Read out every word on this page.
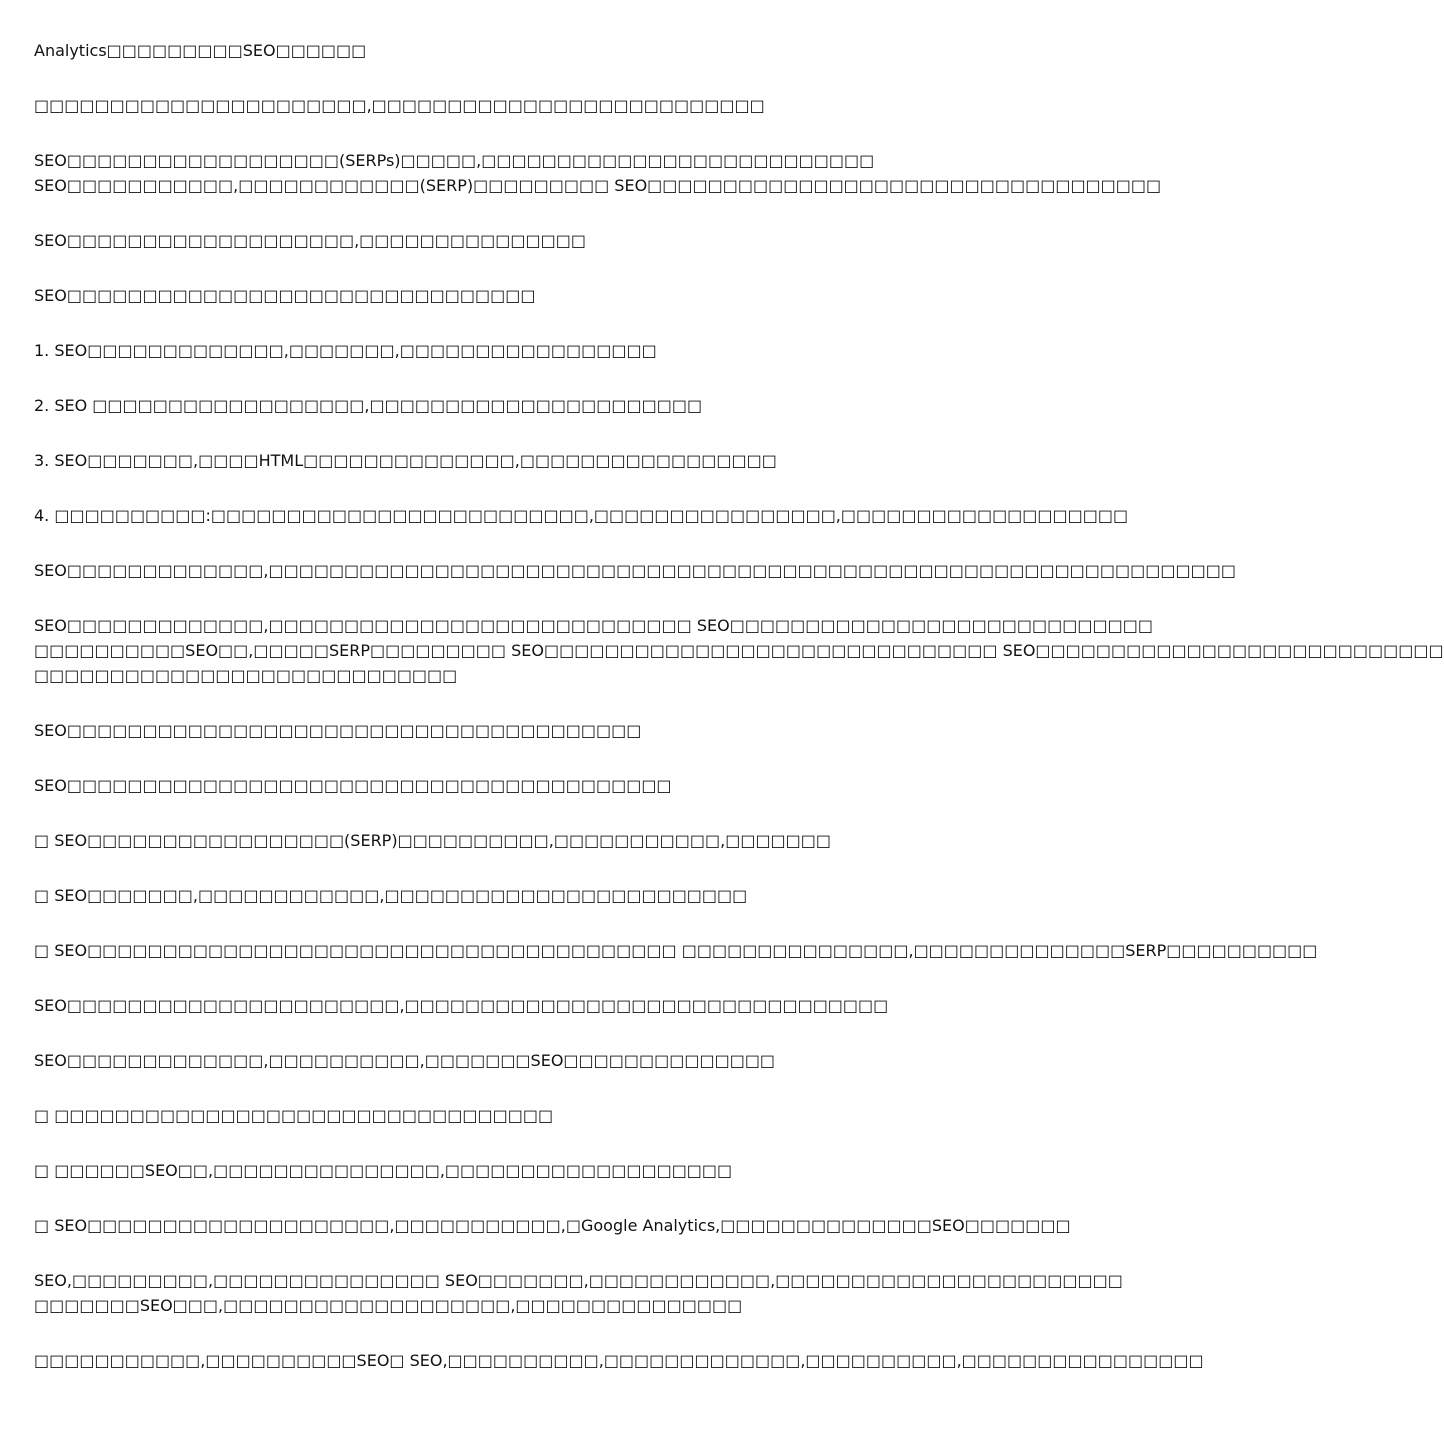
Analytics□□□□□□□□□SEO□□□□□□

□□□□□□□□□□□□□□□□□□□□□□,□□□□□□□□□□□□□□□□□□□□□□□□□□

SEO□□□□□□□□□□□□□□□□□□(SERPs)□□□□□,□□□□□□□□□□□□□□□□□□□□□□□□□□
SEO□□□□□□□□□□□,□□□□□□□□□□□□(SERP)□□□□□□□□□ SEO□□□□□□□□□□□□□□□□□□□□□□□□□□□□□□□□□□

SEO□□□□□□□□□□□□□□□□□□□,□□□□□□□□□□□□□□□

SEO□□□□□□□□□□□□□□□□□□□□□□□□□□□□□□□

1. SEO□□□□□□□□□□□□□,□□□□□□□,□□□□□□□□□□□□□□□□□

2. SEO □□□□□□□□□□□□□□□□□□,□□□□□□□□□□□□□□□□□□□□□□

3. SEO□□□□□□□,□□□□HTML□□□□□□□□□□□□□□,□□□□□□□□□□□□□□□□□

4. □□□□□□□□□□:□□□□□□□□□□□□□□□□□□□□□□□□□,□□□□□□□□□□□□□□□□,□□□□□□□□□□□□□□□□□□□

SEO□□□□□□□□□□□□□,□□□□□□□□□□□□□□□□□□□□□□□□□□□□□□□□□□□□□□□□□□□□□□□□□□□□□□□□□□□□□□□□

SEO□□□□□□□□□□□□□,□□□□□□□□□□□□□□□□□□□□□□□□□□□□ SEO□□□□□□□□□□□□□□□□□□□□□□□□□□□□
□□□□□□□□□□SEO□□,□□□□□SERP□□□□□□□□□ SEO□□□□□□□□□□□□□□□□□□□□□□□□□□□□□□ SEO□□□□□□□□□□□□□□□□□□□□□□□□□□□
□□□□□□□□□□□□□□□□□□□□□□□□□□□□

SEO□□□□□□□□□□□□□□□□□□□□□□□□□□□□□□□□□□□□□□

SEO□□□□□□□□□□□□□□□□□□□□□□□□□□□□□□□□□□□□□□□□

□ SEO□□□□□□□□□□□□□□□□□(SERP)□□□□□□□□□□,□□□□□□□□□□□,□□□□□□□

□ SEO□□□□□□□,□□□□□□□□□□□□,□□□□□□□□□□□□□□□□□□□□□□□□

□ SEO□□□□□□□□□□□□□□□□□□□□□□□□□□□□□□□□□□□□□□□ □□□□□□□□□□□□□□□,□□□□□□□□□□□□□□SERP□□□□□□□□□□

SEO□□□□□□□□□□□□□□□□□□□□□□,□□□□□□□□□□□□□□□□□□□□□□□□□□□□□□□□

SEO□□□□□□□□□□□□□,□□□□□□□□□□,□□□□□□□SEO□□□□□□□□□□□□□□

□ □□□□□□□□□□□□□□□□□□□□□□□□□□□□□□□□□

□ □□□□□□SEO□□,□□□□□□□□□□□□□□□,□□□□□□□□□□□□□□□□□□□

□ SEO□□□□□□□□□□□□□□□□□□□□,□□□□□□□□□□□,□Google Analytics,□□□□□□□□□□□□□□SEO□□□□□□□

SEO,□□□□□□□□□,□□□□□□□□□□□□□□□ SEO□□□□□□□,□□□□□□□□□□□□,□□□□□□□□□□□□□□□□□□□□□□□
□□□□□□□SEO□□□,□□□□□□□□□□□□□□□□□□□,□□□□□□□□□□□□□□□

□□□□□□□□□□□,□□□□□□□□□□SEO□ SEO,□□□□□□□□□□,□□□□□□□□□□□□□,□□□□□□□□□□,□□□□□□□□□□□□□□□□
